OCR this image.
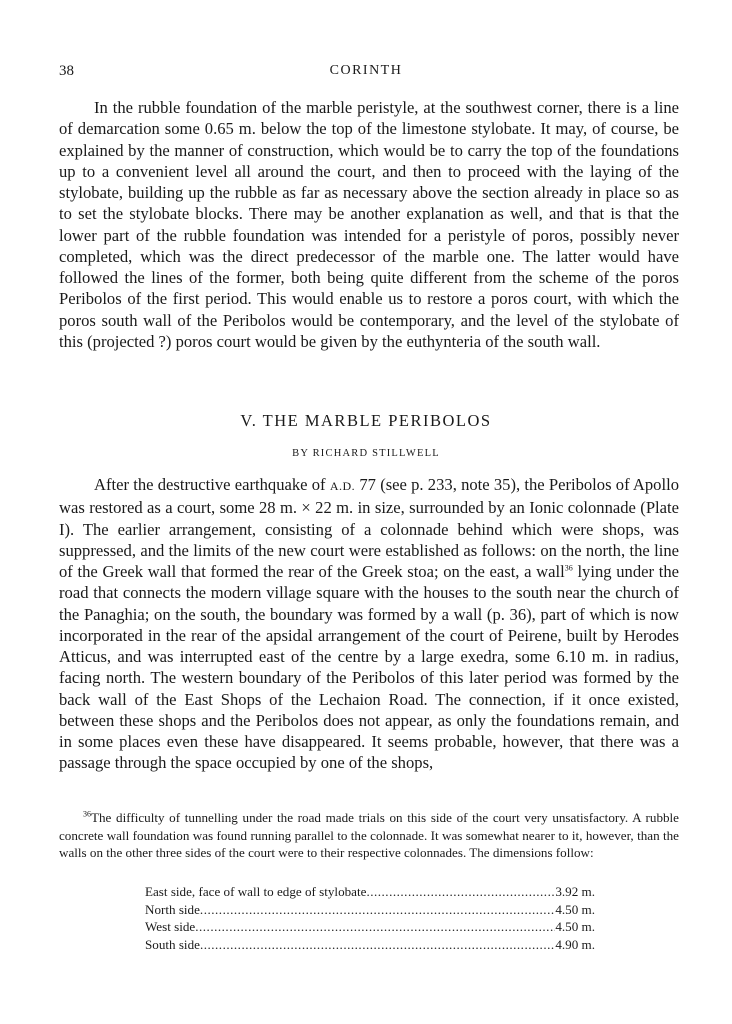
38	CORINTH

In the rubble foundation of the marble peristyle, at the southwest corner, there is a line of demarcation some 0.65 m. below the top of the limestone stylobate. It may, of course, be explained by the manner of construction, which would be to carry the top of the foundations up to a convenient level all around the court, and then to proceed with the laying of the stylobate, building up the rubble as far as necessary above the section already in place so as to set the stylobate blocks. There may be another explanation as well, and that is that the lower part of the rubble foundation was intended for a peristyle of poros, possibly never completed, which was the direct predecessor of the marble one. The latter would have followed the lines of the former, both being quite different from the scheme of the poros Peribolos of the first period. This would enable us to restore a poros court, with which the poros south wall of the Peribolos would be contemporary, and the level of the stylobate of this (projected ?) poros court would be given by the euthynteria of the south wall.

V. THE MARBLE PERIBOLOS
BY RICHARD STILLWELL

After the destructive earthquake of A.D. 77 (see p. 233, note 35), the Peribolos of Apollo was restored as a court, some 28 m. × 22 m. in size, surrounded by an Ionic colonnade (Plate I). The earlier arrangement, consisting of a colonnade behind which were shops, was suppressed, and the limits of the new court were established as follows: on the north, the line of the Greek wall that formed the rear of the Greek stoa; on the east, a wall$^{36}$ lying under the road that connects the modern village square with the houses to the south near the church of the Panaghia; on the south, the boundary was formed by a wall (p. 36), part of which is now incorporated in the rear of the apsidal arrangement of the court of Peirene, built by Herodes Atticus, and was interrupted east of the centre by a large exedra, some 6.10 m. in radius, facing north. The western boundary of the Peribolos of this later period was formed by the back wall of the East Shops of the Lechaion Road. The connection, if it once existed, between these shops and the Peribolos does not appear, as only the foundations remain, and in some places even these have disappeared. It seems probable, however, that there was a passage through the space occupied by one of the shops,

$^{36}$The difficulty of tunnelling under the road made trials on this side of the court very unsatisfactory. A rubble concrete wall foundation was found running parallel to the colonnade. It was somewhat nearer to it, however, than the walls on the other three sides of the court were to their respective colonnades. The dimensions follow:

East side, face of wall to edge of stylobate .....	3.92 m.
North side .....	4.50 m.
West side .....	4.50 m.
South side .....	4.90 m.
